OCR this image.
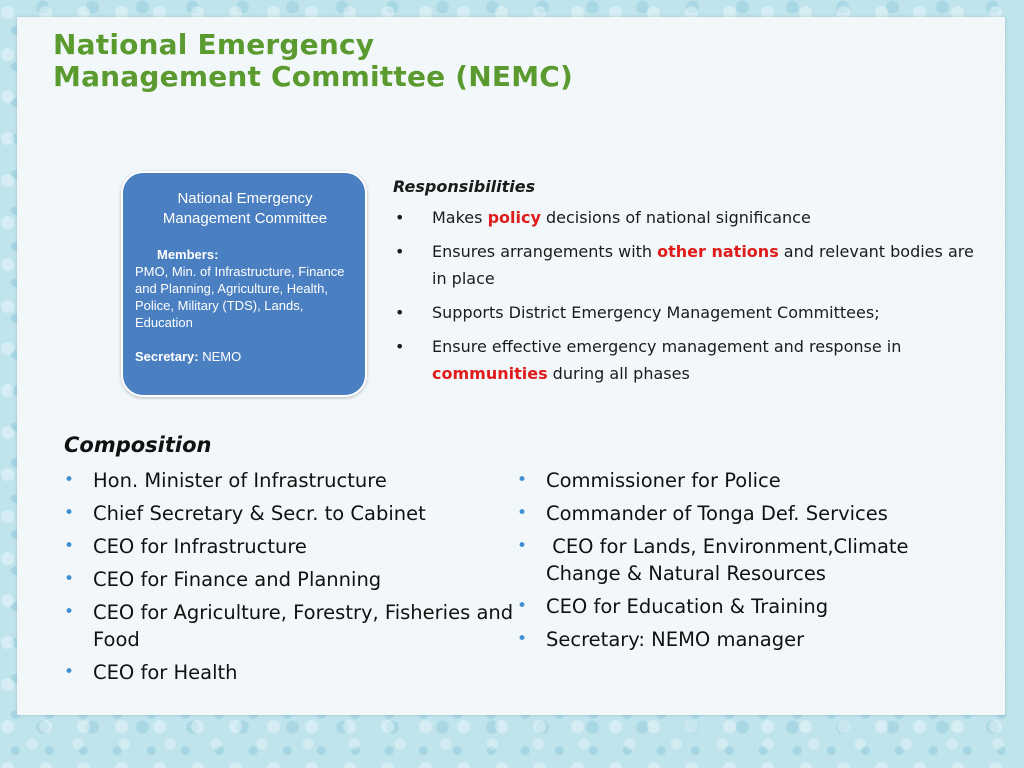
National Emergency
Management Committee (NEMC)
National Emergency
Management Committee
Members:
PMO, Min. of Infrastructure, Finance and Planning, Agriculture, Health, Police, Military (TDS), Lands, Education
Secretary: NEMO
Responsibilities
• Makes policy decisions of national significance
• Ensures arrangements with other nations and relevant bodies are in place
• Supports District Emergency Management Committees;
• Ensure effective emergency management and response in communities during all phases
Composition
• Hon. Minister of Infrastructure
• Chief Secretary & Secr. to Cabinet
• CEO for Infrastructure
• CEO for Finance and Planning
• CEO for Agriculture, Forestry, Fisheries and Food
• CEO for Health
• Commissioner for Police
• Commander of Tonga Def. Services
• CEO for Lands, Environment,Climate Change & Natural Resources
• CEO for Education & Training
• Secretary: NEMO manager
